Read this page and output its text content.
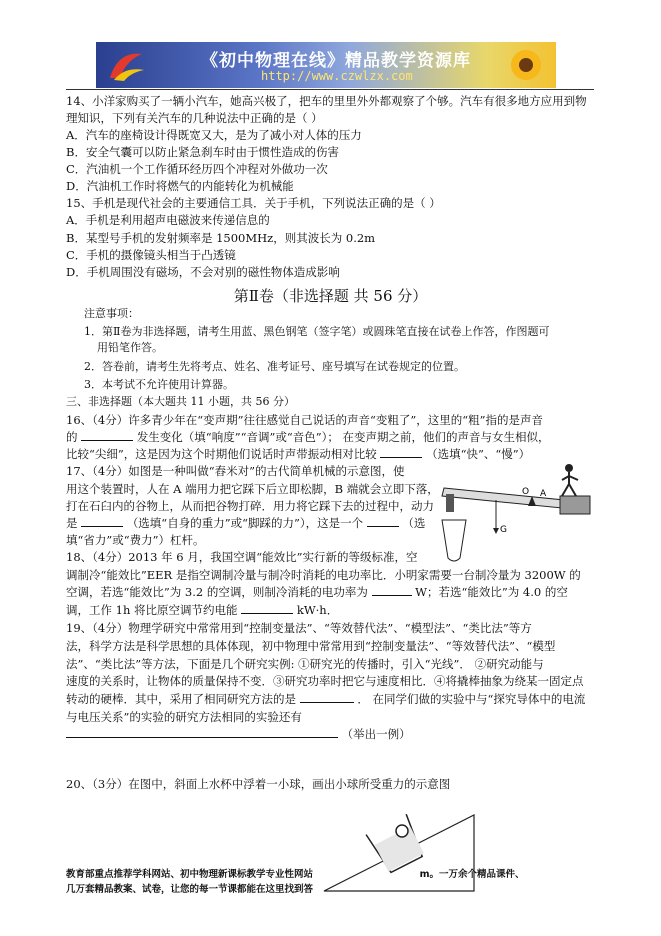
《初中物理在线》精品教学资源库
http://www.czwlzx.com
14、小洋家购买了一辆小汽车，她高兴极了，把车的里里外外都观察了个够。汽车有很多地方应用到物
理知识，下列有关汽车的几种说法中正确的是（ ）
A．汽车的座椅设计得既宽又大，是为了减小对人体的压力
B．安全气囊可以防止紧急刹车时由于惯性造成的伤害
C．汽油机一个工作循环经历四个冲程对外做功一次
D．汽油机工作时将燃气的内能转化为机械能
15、手机是现代社会的主要通信工具．关于手机，下列说法正确的是（ ）
A．手机是利用超声电磁波来传递信息的
B．某型号手机的发射频率是 1500MHz，则其波长为 0.2m
C．手机的摄像镜头相当于凸透镜
D．手机周围没有磁场，不会对别的磁性物体造成影响
第Ⅱ卷（非选择题 共 56 分）
注意事项：
1．第Ⅱ卷为非选择题，请考生用蓝、黑色钢笔（签字笔）或圆珠笔直接在试卷上作答，作图题可
用铅笔作答。
2．答卷前，请考生先将考点、姓名、准考证号、座号填写在试卷规定的位置。
3．本考试不允许使用计算器。
三、非选择题（本大题共 11 小题，共 56 分）
16、（4分）许多青少年在“变声期”往往感觉自己说话的声音“变粗了”，这里的“粗”指的是声音
的	发生变化（填“响度”“音调”或“音色”）； 在变声期之前，他们的声音与女生相似，
比较“尖细”，这是因为这个时期他们说话时声带振动相对比较	（选填“快”、“慢”）
17、（4分）如图是一种叫做“舂米对”的古代简单机械的示意图，使
用这个装置时，人在 A 端用力把它踩下后立即松脚，B 端就会立即下落，
打在石臼内的谷物上，从而把谷物打碎．用力将它踩下去的过程中，动力
是	（选填“自身的重力”或“脚踩的力”），这是一个	（选
填“省力”或“费力”）杠杆。
G
O A
18、（4分）2013 年 6 月，我国空调“能效比”实行新的等级标准，空
调制冷“能效比”EER 是指空调制冷量与制冷时消耗的电功率比．小明家需要一台制冷量为 3200W 的
空调，若选“能效比”为 3.2 的空调，则制冷消耗的电功率为	W；若选“能效比”为 4.0 的空
调，工作 1h 将比原空调节约电能	kW·h．
19、（4分）物理学研究中常常用到“控制变量法”、“等效替代法”、“模型法”、“类比法”等方
法，科学方法是科学思想的具体体现，初中物理中常常用到“控制变量法”、“等效替代法”、“模型
法”、“类比法”等方法，下面是几个研究实例: ①研究光的传播时，引入“光线”． ②研究动能与
速度的关系时，让物体的质量保持不变．③研究功率时把它与速度相比．④将撬棒抽象为绕某一固定点
转动的硬棒．其中，采用了相同研究方法的是	． 在同学们做的实验中与“探究导体中的电流
与电压关系”的实验的研究方法相同的实验还有
（举出一例）
20、（3分）在图中，斜面上水杯中浮着一小球，画出小球所受重力的示意图
教育部重点推荐学科网站、初中物理新课标教学专业性网站	m。一万余个精品课件、
几万套精品教案、试卷，让您的每一节课都能在这里找到答
